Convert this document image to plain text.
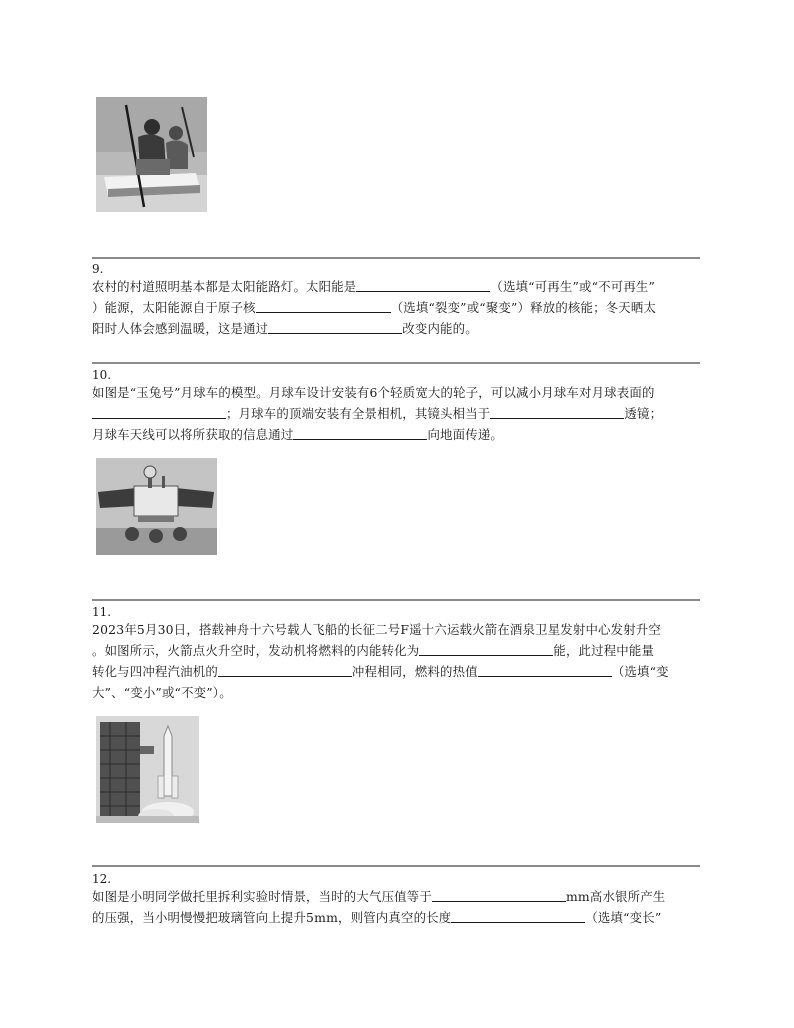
9.

农村的村道照明基本都是太阳能路灯。太阳能是	（选填“可再生”或“不可再生”
）能源，太阳能源自于原子核	（选填“裂变”或“聚变”）释放的核能；冬天晒太
阳时人体会感到温暖，这是通过	改变内能的。

10.

如图是“玉兔号”月球车的模型。月球车设计安装有6个轻质宽大的轮子，可以减小月球车对月球表面的
；月球车的顶端安装有全景相机，其镜头相当于	透镜；
月球车天线可以将所获取的信息通过	向地面传递。

11.

2023年5月30日，搭载神舟十六号载人飞船的长征二号F遥十六运载火箭在酒泉卫星发射中心发射升空
。如图所示，火箭点火升空时，发动机将燃料的内能转化为	能，此过程中能量
转化与四冲程汽油机的	冲程相同，燃料的热值	（选填“变
大”、“变小”或“不变”）。

12.

如图是小明同学做托里拆利实验时情景，当时的大气压值等于	mm高水银所产生
的压强，当小明慢慢把玻璃管向上提升5mm，则管内真空的长度	（选填“变长”
